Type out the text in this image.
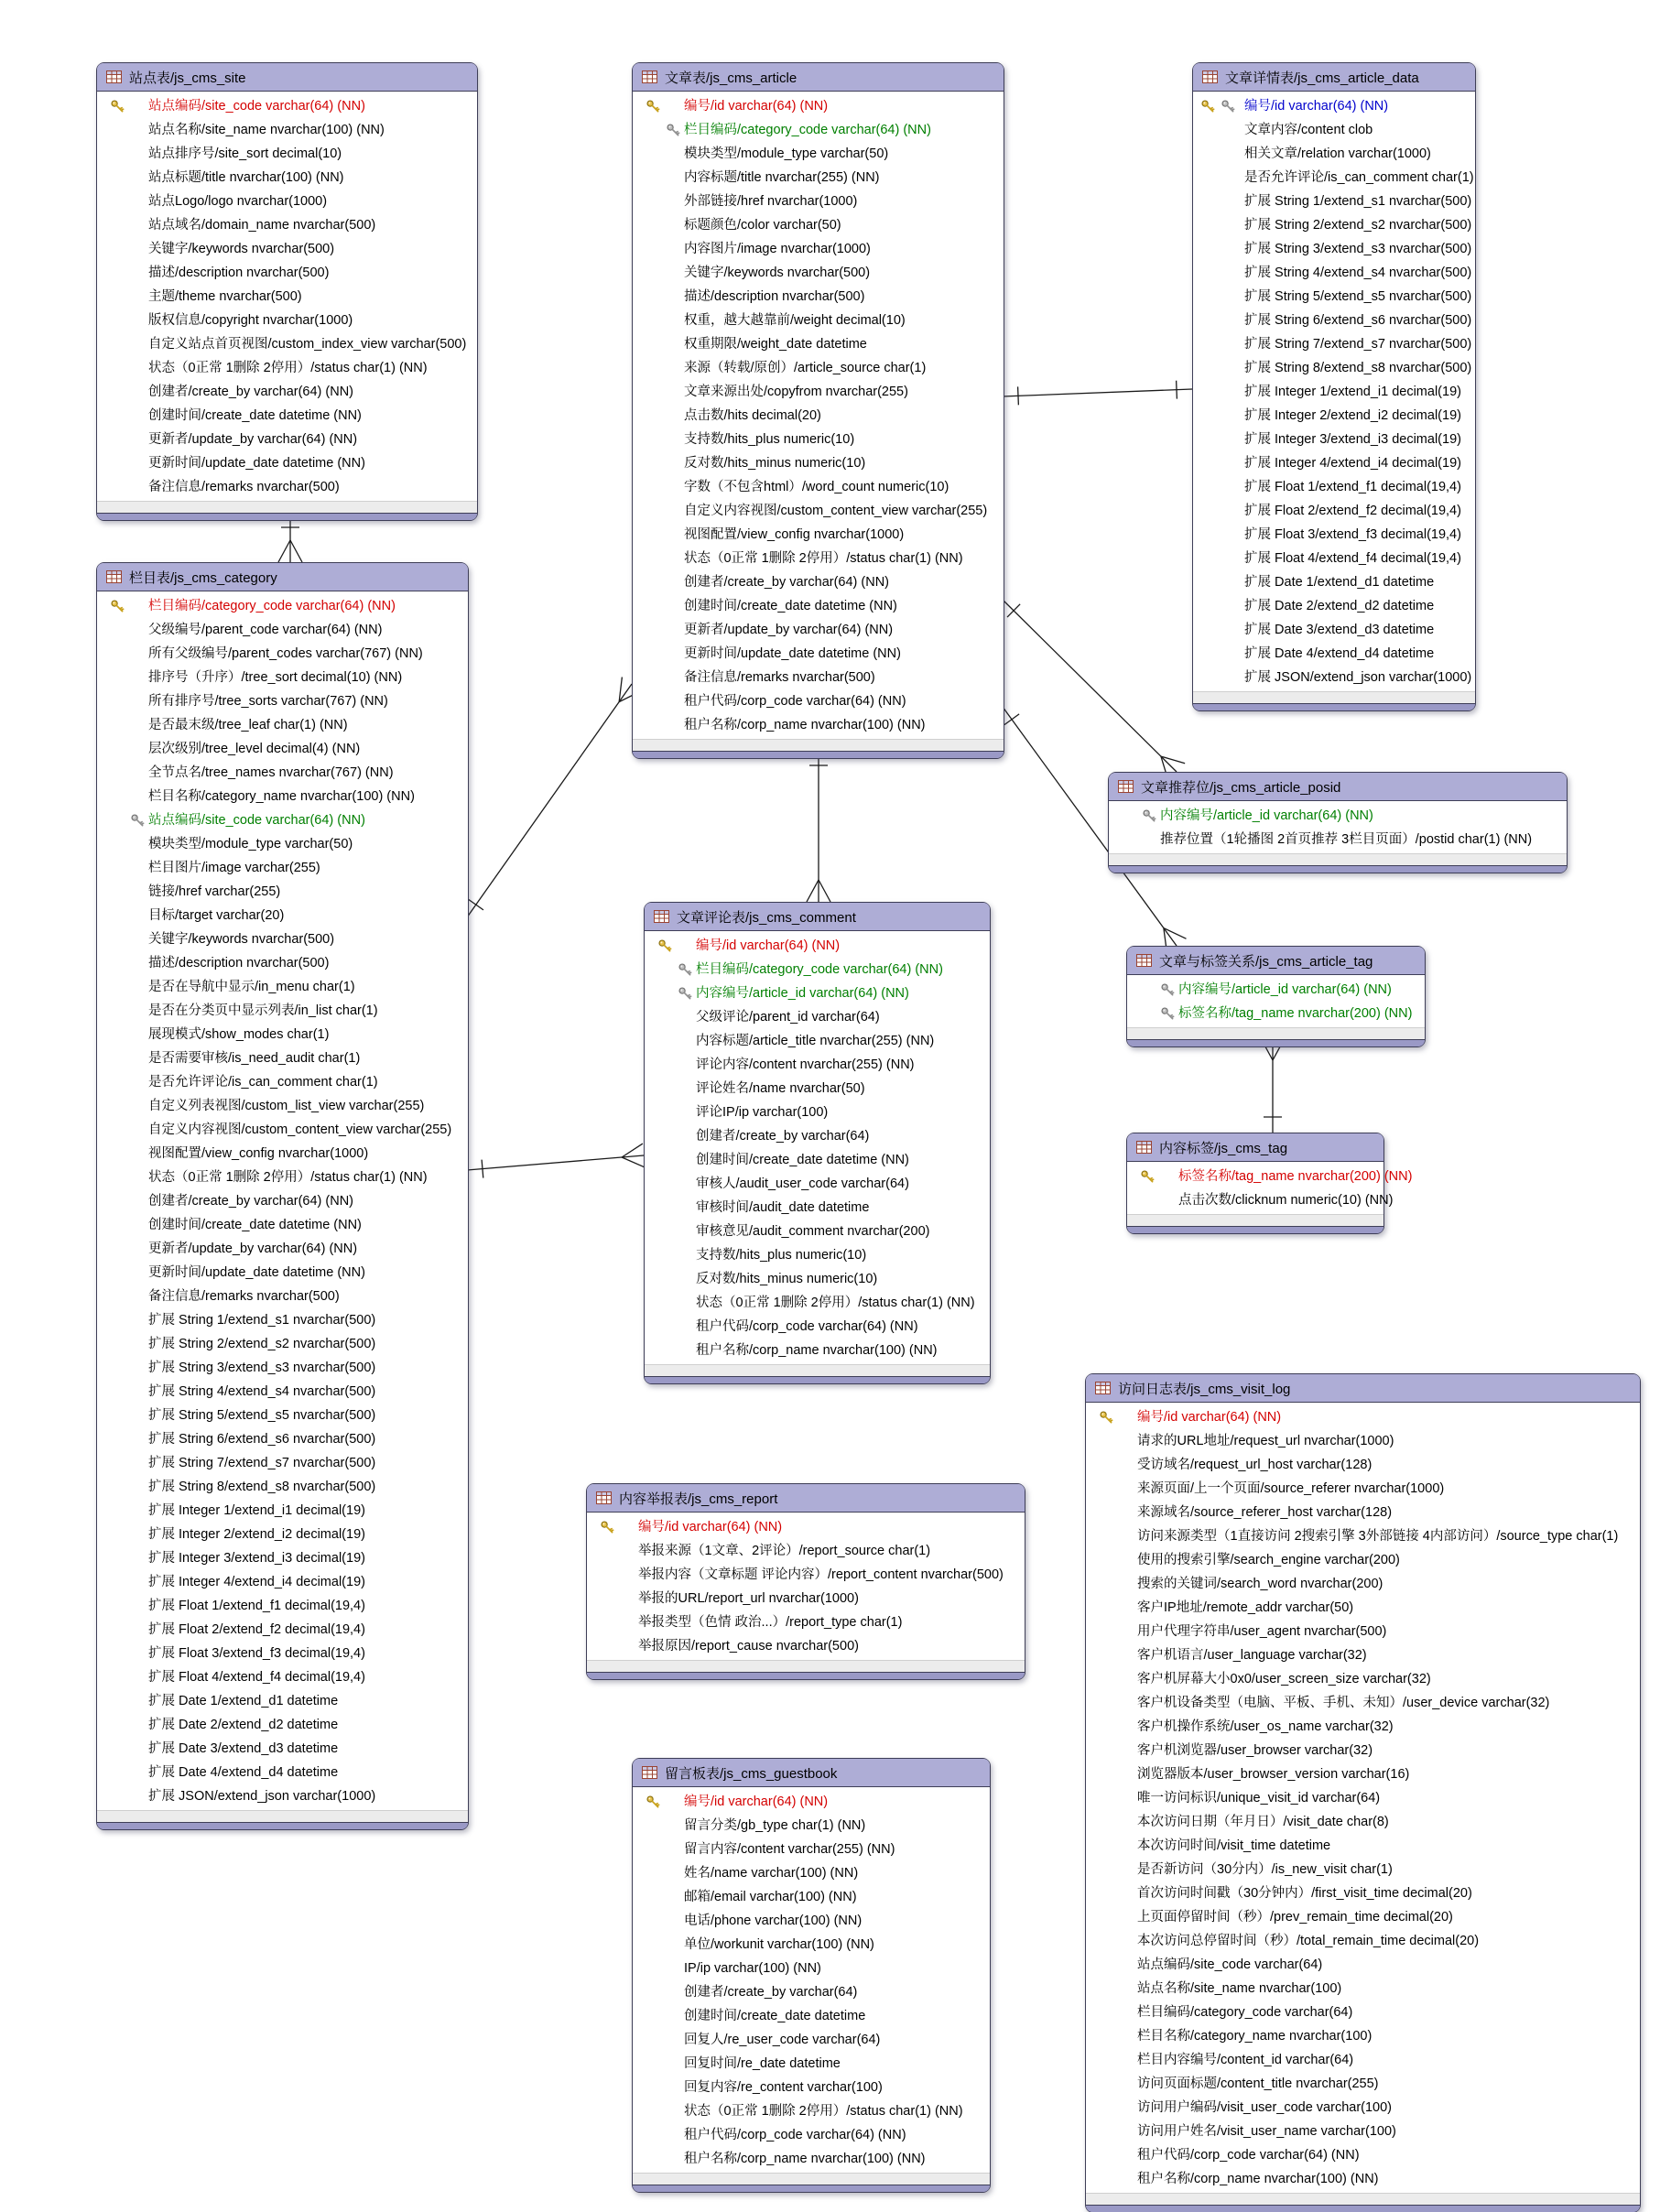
站点表/js_cms_site
站点编码/site_code varchar(64) (NN)
站点名称/site_name nvarchar(100) (NN)
站点排序号/site_sort decimal(10)
站点标题/title nvarchar(100) (NN)
站点Logo/logo nvarchar(1000)
站点域名/domain_name nvarchar(500)
关键字/keywords nvarchar(500)
描述/description nvarchar(500)
主题/theme nvarchar(500)
版权信息/copyright nvarchar(1000)
自定义站点首页视图/custom_index_view varchar(500)
状态（0正常 1删除 2停用）/status char(1) (NN)
创建者/create_by varchar(64) (NN)
创建时间/create_date datetime (NN)
更新者/update_by varchar(64) (NN)
更新时间/update_date datetime (NN)
备注信息/remarks nvarchar(500)
文章表/js_cms_article
编号/id varchar(64) (NN)
栏目编码/category_code varchar(64) (NN)
模块类型/module_type varchar(50)
内容标题/title nvarchar(255) (NN)
外部链接/href nvarchar(1000)
标题颜色/color varchar(50)
内容图片/image nvarchar(1000)
关键字/keywords nvarchar(500)
描述/description nvarchar(500)
权重，越大越靠前/weight decimal(10)
权重期限/weight_date datetime
来源（转载/原创）/article_source char(1)
文章来源出处/copyfrom nvarchar(255)
点击数/hits decimal(20)
支持数/hits_plus numeric(10)
反对数/hits_minus numeric(10)
字数（不包含html）/word_count numeric(10)
自定义内容视图/custom_content_view varchar(255)
视图配置/view_config nvarchar(1000)
状态（0正常 1删除 2停用）/status char(1) (NN)
创建者/create_by varchar(64) (NN)
创建时间/create_date datetime (NN)
更新者/update_by varchar(64) (NN)
更新时间/update_date datetime (NN)
备注信息/remarks nvarchar(500)
租户代码/corp_code varchar(64) (NN)
租户名称/corp_name nvarchar(100) (NN)
文章详情表/js_cms_article_data
编号/id varchar(64) (NN)
文章内容/content clob
相关文章/relation varchar(1000)
是否允许评论/is_can_comment char(1)
扩展 String 1/extend_s1 nvarchar(500)
扩展 String 2/extend_s2 nvarchar(500)
扩展 String 3/extend_s3 nvarchar(500)
扩展 String 4/extend_s4 nvarchar(500)
扩展 String 5/extend_s5 nvarchar(500)
扩展 String 6/extend_s6 nvarchar(500)
扩展 String 7/extend_s7 nvarchar(500)
扩展 String 8/extend_s8 nvarchar(500)
扩展 Integer 1/extend_i1 decimal(19)
扩展 Integer 2/extend_i2 decimal(19)
扩展 Integer 3/extend_i3 decimal(19)
扩展 Integer 4/extend_i4 decimal(19)
扩展 Float 1/extend_f1 decimal(19,4)
扩展 Float 2/extend_f2 decimal(19,4)
扩展 Float 3/extend_f3 decimal(19,4)
扩展 Float 4/extend_f4 decimal(19,4)
扩展 Date 1/extend_d1 datetime
扩展 Date 2/extend_d2 datetime
扩展 Date 3/extend_d3 datetime
扩展 Date 4/extend_d4 datetime
扩展 JSON/extend_json varchar(1000)
栏目表/js_cms_category
栏目编码/category_code varchar(64) (NN)
父级编号/parent_code varchar(64) (NN)
所有父级编号/parent_codes varchar(767) (NN)
排序号（升序）/tree_sort decimal(10) (NN)
所有排序号/tree_sorts varchar(767) (NN)
是否最末级/tree_leaf char(1) (NN)
层次级别/tree_level decimal(4) (NN)
全节点名/tree_names nvarchar(767) (NN)
栏目名称/category_name nvarchar(100) (NN)
站点编码/site_code varchar(64) (NN)
模块类型/module_type varchar(50)
栏目图片/image varchar(255)
链接/href varchar(255)
目标/target varchar(20)
关键字/keywords nvarchar(500)
描述/description nvarchar(500)
是否在导航中显示/in_menu char(1)
是否在分类页中显示列表/in_list char(1)
展现模式/show_modes char(1)
是否需要审核/is_need_audit char(1)
是否允许评论/is_can_comment char(1)
自定义列表视图/custom_list_view varchar(255)
自定义内容视图/custom_content_view varchar(255)
视图配置/view_config nvarchar(1000)
状态（0正常 1删除 2停用）/status char(1) (NN)
创建者/create_by varchar(64) (NN)
创建时间/create_date datetime (NN)
更新者/update_by varchar(64) (NN)
更新时间/update_date datetime (NN)
备注信息/remarks nvarchar(500)
扩展 String 1/extend_s1 nvarchar(500)
扩展 String 2/extend_s2 nvarchar(500)
扩展 String 3/extend_s3 nvarchar(500)
扩展 String 4/extend_s4 nvarchar(500)
扩展 String 5/extend_s5 nvarchar(500)
扩展 String 6/extend_s6 nvarchar(500)
扩展 String 7/extend_s7 nvarchar(500)
扩展 String 8/extend_s8 nvarchar(500)
扩展 Integer 1/extend_i1 decimal(19)
扩展 Integer 2/extend_i2 decimal(19)
扩展 Integer 3/extend_i3 decimal(19)
扩展 Integer 4/extend_i4 decimal(19)
扩展 Float 1/extend_f1 decimal(19,4)
扩展 Float 2/extend_f2 decimal(19,4)
扩展 Float 3/extend_f3 decimal(19,4)
扩展 Float 4/extend_f4 decimal(19,4)
扩展 Date 1/extend_d1 datetime
扩展 Date 2/extend_d2 datetime
扩展 Date 3/extend_d3 datetime
扩展 Date 4/extend_d4 datetime
扩展 JSON/extend_json varchar(1000)
文章评论表/js_cms_comment
编号/id varchar(64) (NN)
栏目编码/category_code varchar(64) (NN)
内容编号/article_id varchar(64) (NN)
父级评论/parent_id varchar(64)
内容标题/article_title nvarchar(255) (NN)
评论内容/content nvarchar(255) (NN)
评论姓名/name nvarchar(50)
评论IP/ip varchar(100)
创建者/create_by varchar(64)
创建时间/create_date datetime (NN)
审核人/audit_user_code varchar(64)
审核时间/audit_date datetime
审核意见/audit_comment nvarchar(200)
支持数/hits_plus numeric(10)
反对数/hits_minus numeric(10)
状态（0正常 1删除 2停用）/status char(1) (NN)
租户代码/corp_code varchar(64) (NN)
租户名称/corp_name nvarchar(100) (NN)
文章推荐位/js_cms_article_posid
内容编号/article_id varchar(64) (NN)
推荐位置（1轮播图 2首页推荐 3栏目页面）/postid char(1) (NN)
文章与标签关系/js_cms_article_tag
内容编号/article_id varchar(64) (NN)
标签名称/tag_name nvarchar(200) (NN)
内容标签/js_cms_tag
标签名称/tag_name nvarchar(200) (NN)
点击次数/clicknum numeric(10) (NN)
内容举报表/js_cms_report
编号/id varchar(64) (NN)
举报来源（1文章、2评论）/report_source char(1)
举报内容（文章标题 评论内容）/report_content nvarchar(500)
举报的URL/report_url nvarchar(1000)
举报类型（色情 政治...）/report_type char(1)
举报原因/report_cause nvarchar(500)
留言板表/js_cms_guestbook
编号/id varchar(64) (NN)
留言分类/gb_type char(1) (NN)
留言内容/content varchar(255) (NN)
姓名/name varchar(100) (NN)
邮箱/email varchar(100) (NN)
电话/phone varchar(100) (NN)
单位/workunit varchar(100) (NN)
IP/ip varchar(100) (NN)
创建者/create_by varchar(64)
创建时间/create_date datetime
回复人/re_user_code varchar(64)
回复时间/re_date datetime
回复内容/re_content varchar(100)
状态（0正常 1删除 2停用）/status char(1) (NN)
租户代码/corp_code varchar(64) (NN)
租户名称/corp_name nvarchar(100) (NN)
访问日志表/js_cms_visit_log
编号/id varchar(64) (NN)
请求的URL地址/request_url nvarchar(1000)
受访域名/request_url_host varchar(128)
来源页面/上一个页面/source_referer nvarchar(1000)
来源域名/source_referer_host varchar(128)
访问来源类型（1直接访问 2搜索引擎 3外部链接 4内部访问）/source_type char(1)
使用的搜索引擎/search_engine varchar(200)
搜索的关键词/search_word nvarchar(200)
客户IP地址/remote_addr varchar(50)
用户代理字符串/user_agent nvarchar(500)
客户机语言/user_language varchar(32)
客户机屏幕大小0x0/user_screen_size varchar(32)
客户机设备类型（电脑、平板、手机、未知）/user_device varchar(32)
客户机操作系统/user_os_name varchar(32)
客户机浏览器/user_browser varchar(32)
浏览器版本/user_browser_version varchar(16)
唯一访问标识/unique_visit_id varchar(64)
本次访问日期（年月日）/visit_date char(8)
本次访问时间/visit_time datetime
是否新访问（30分内）/is_new_visit char(1)
首次访问时间戳（30分钟内）/first_visit_time decimal(20)
上页面停留时间（秒）/prev_remain_time decimal(20)
本次访问总停留时间（秒）/total_remain_time decimal(20)
站点编码/site_code varchar(64)
站点名称/site_name nvarchar(100)
栏目编码/category_code varchar(64)
栏目名称/category_name nvarchar(100)
栏目内容编号/content_id varchar(64)
访问页面标题/content_title nvarchar(255)
访问用户编码/visit_user_code varchar(100)
访问用户姓名/visit_user_name varchar(100)
租户代码/corp_code varchar(64) (NN)
租户名称/corp_name nvarchar(100) (NN)
